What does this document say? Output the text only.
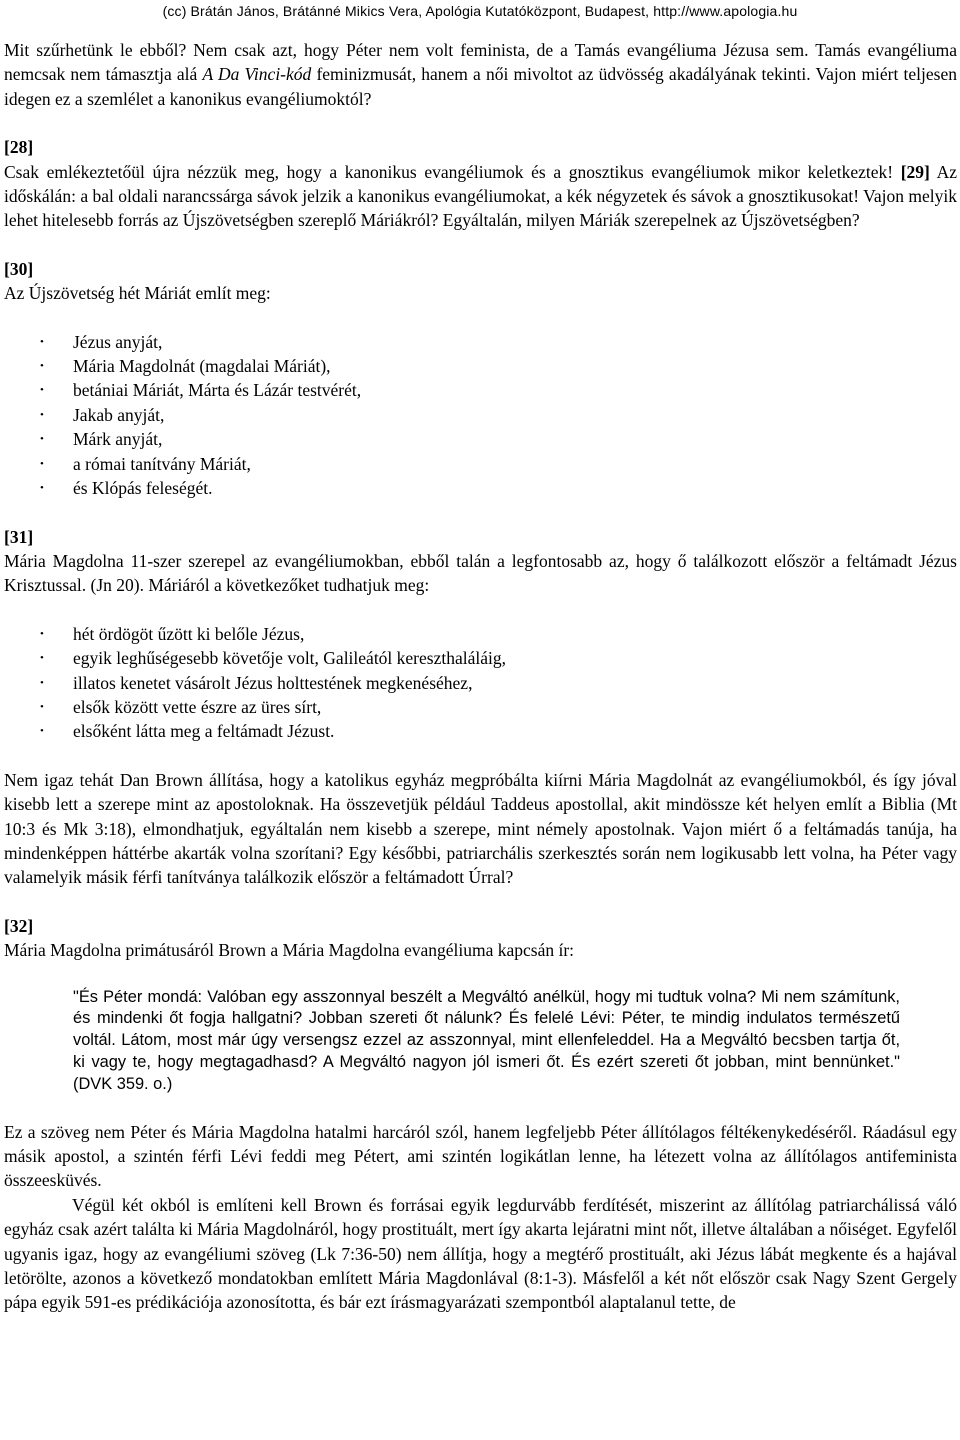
(cc) Brátán János, Brátánné Mikics Vera, Apológia Kutatóközpont, Budapest, http://www.apologia.hu

Mit szűrhetünk le ebből? Nem csak azt, hogy Péter nem volt feminista, de a Tamás evangéliuma Jézusa sem. Tamás evangéliuma nemcsak nem támasztja alá A Da Vinci-kód feminizmusát, hanem a női mivoltot az üdvösség akadályának tekinti. Vajon miért teljesen idegen ez a szemlélet a kanonikus evangéliumoktól?

[28]

Csak emlékeztetőül újra nézzük meg, hogy a kanonikus evangéliumok és a gnosztikus evangéliumok mikor keletkeztek! [29] Az időskálán: a bal oldali narancssárga sávok jelzik a kanonikus evangéliumokat, a kék négyzetek és sávok a gnosztikusokat! Vajon melyik lehet hitelesebb forrás az Újszövetségben szereplő Máriákról? Egyáltalán, milyen Máriák szerepelnek az Újszövetségben?

[30]

Az Újszövetség hét Máriát említ meg:

• Jézus anyját,
• Mária Magdolnát (magdalai Máriát),
• betániai Máriát, Márta és Lázár testvérét,
• Jakab anyját,
• Márk anyját,
• a római tanítvány Máriát,
• és Klópás feleségét.
[31]

Mária Magdolna 11-szer szerepel az evangéliumokban, ebből talán a legfontosabb az, hogy ő találkozott először a feltámadt Jézus Krisztussal. (Jn 20). Máriáról a következőket tudhatjuk meg:

• hét ördögöt űzött ki belőle Jézus,
• egyik leghűségesebb követője volt, Galileától kereszthaláláig,
• illatos kenetet vásárolt Jézus holttestének megkenéséhez,
• elsők között vette észre az üres sírt,
• elsőként látta meg a feltámadt Jézust.

Nem igaz tehát Dan Brown állítása, hogy a katolikus egyház megpróbálta kiírni Mária Magdolnát az evangéliumokból, és így jóval kisebb lett a szerepe mint az apostoloknak. Ha összevetjük például Taddeus apostollal, akit mindössze két helyen említ a Biblia (Mt 10:3 és Mk 3:18), elmondhatjuk, egyáltalán nem kisebb a szerepe, mint némely apostolnak. Vajon miért ő a feltámadás tanúja, ha mindenképpen háttérbe akarták volna szorítani? Egy későbbi, patriarchális szerkesztés során nem logikusabb lett volna, ha Péter vagy valamelyik másik férfi tanítványa találkozik először a feltámadott Úrral?

[32]

Mária Magdolna primátusáról Brown a Mária Magdolna evangéliuma kapcsán ír:

"És Péter mondá: Valóban egy asszonnyal beszélt a Megváltó anélkül, hogy mi tudtuk volna? Mi nem számítunk, és mindenki őt fogja hallgatni? Jobban szereti őt nálunk? És felelé Lévi: Péter, te mindig indulatos természetű voltál. Látom, most már úgy versengsz ezzel az asszonnyal, mint ellenfeleddel. Ha a Megváltó becsben tartja őt, ki vagy te, hogy megtagadhasd? A Megváltó nagyon jól ismeri őt. És ezért szereti őt jobban, mint bennünket." (DVK 359. o.)

Ez a szöveg nem Péter és Mária Magdolna hatalmi harcáról szól, hanem legfeljebb Péter állítólagos féltékenykedéséről. Ráadásul egy másik apostol, a szintén férfi Lévi feddi meg Pétert, ami szintén logikátlan lenne, ha létezett volna az állítólagos antifeminista összeesküvés.

Végül két okból is említeni kell Brown és forrásai egyik legdurvább ferdítését, miszerint az állítólag patriarchálissá váló egyház csak azért találta ki Mária Magdolnáról, hogy prostituált, mert így akarta lejáratni mint nőt, illetve általában a nőiséget. Egyfelől ugyanis igaz, hogy az evangéliumi szöveg (Lk 7:36-50) nem állítja, hogy a megtérő prostituált, aki Jézus lábát megkente és a hajával letörölte, azonos a következő mondatokban említett Mária Magdonlával (8:1-3). Másfelől a két nőt először csak Nagy Szent Gergely pápa egyik 591-es prédikációja azonosította, és bár ezt írásmagyarázati szempontból alaptalanul tette, de
